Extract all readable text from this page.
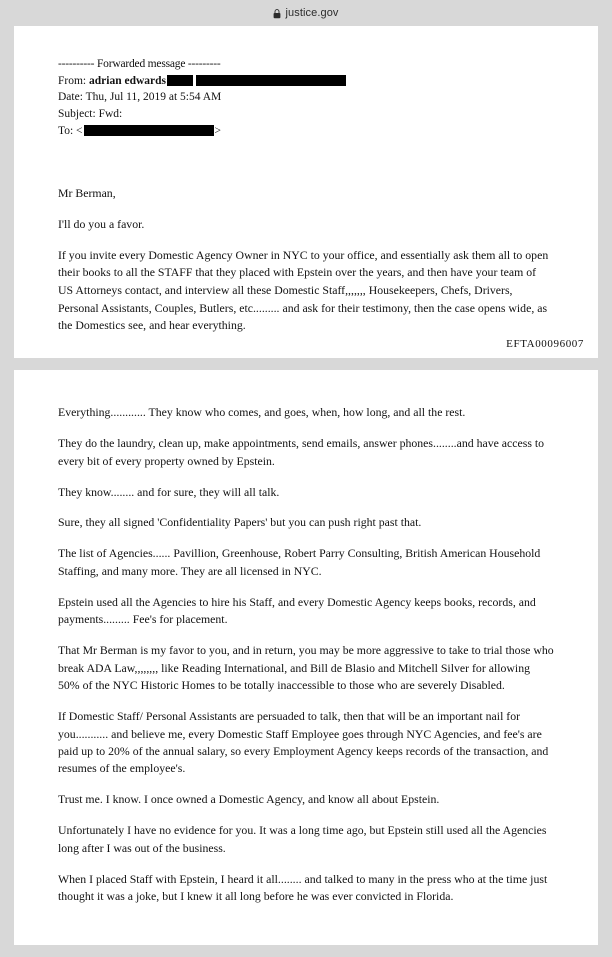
justice.gov
---------- Forwarded message ---------
From: adrian edwards
Date: Thu, Jul 11, 2019 at 5:54 AM
Subject: Fwd:
To: <	>

Mr Berman,

I'll do you a favor.

If you invite every Domestic Agency Owner in NYC to your office, and essentially ask them all to open their books to all the STAFF that they placed with Epstein over the years, and then have your team of US Attorneys contact, and interview all these Domestic Staff,,,,,,, Housekeepers, Chefs, Drivers, Personal Assistants, Couples, Butlers, etc......... and ask for their testimony, then the case opens wide, as the Domestics see, and hear everything.

EFTA00096007

Everything............ They know who comes, and goes, when, how long, and all the rest.

They do the laundry, clean up, make appointments, send emails, answer phones........and have access to every bit of every property owned by Epstein.

They know........ and for sure, they will all talk.

Sure, they all signed 'Confidentiality Papers' but you can push right past that.

The list of Agencies...... Pavillion, Greenhouse, Robert Parry Consulting, British American Household Staffing, and many more. They are all licensed in NYC.

Epstein used all the Agencies to hire his Staff, and every Domestic Agency keeps books, records, and payments......... Fee's for placement.

That Mr Berman is my favor to you, and in return, you may be more aggressive to take to trial those who break ADA Law,,,,,,,, like Reading International, and Bill de Blasio and Mitchell Silver for allowing 50% of the NYC Historic Homes to be totally inaccessible to those who are severely Disabled.

If Domestic Staff/ Personal Assistants are persuaded to talk, then that will be an important nail for you........... and believe me, every Domestic Staff Employee goes through NYC Agencies, and fee's are paid up to 20% of the annual salary, so every Employment Agency keeps records of the transaction, and resumes of the employee's.

Trust me. I know. I once owned a Domestic Agency, and know all about Epstein.

Unfortunately I have no evidence for you. It was a long time ago, but Epstein still used all the Agencies long after I was out of the business.

When I placed Staff with Epstein, I heard it all........ and talked to many in the press who at the time just thought it was a joke, but I knew it all long before he was ever convicted in Florida.
